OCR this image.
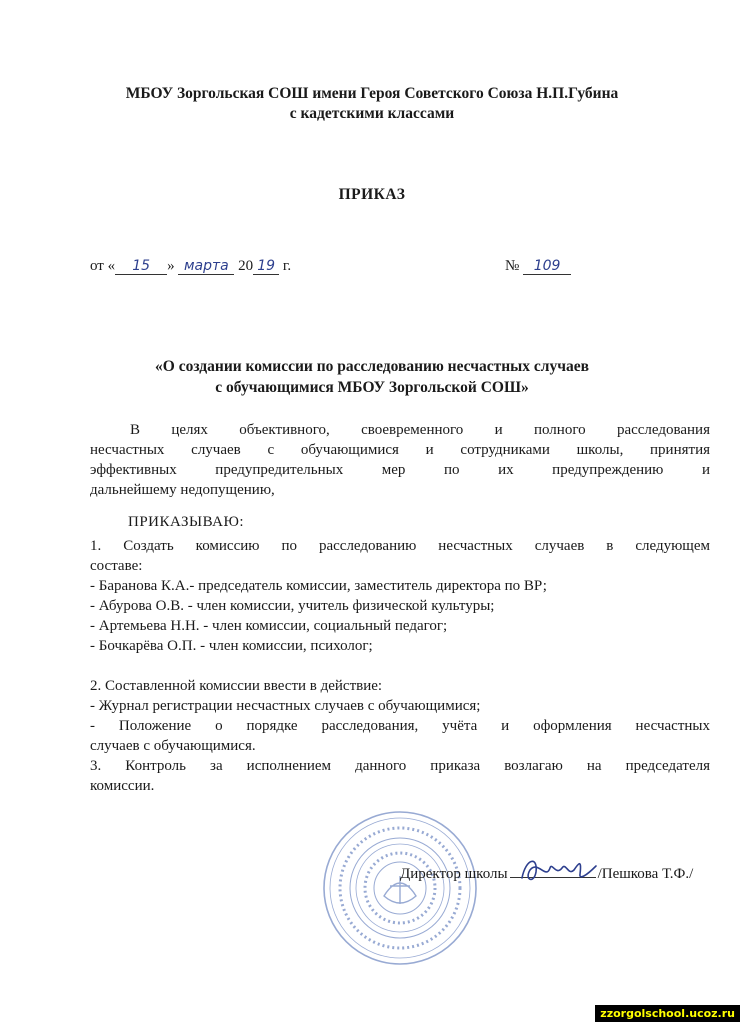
МБОУ Зоргольская СОШ имени Героя Советского Союза Н.П.Губина
с кадетскими классами
ПРИКАЗ
от « 15 » марта 20 19 г.	№ 109
«О создании комиссии по расследованию несчастных случаев
с обучающимися МБОУ Зоргольской СОШ»
В целях объективного, своевременного и полного расследования
несчастных случаев с обучающимися и сотрудниками школы, принятия
эффективных предупредительных мер по их предупреждению и
дальнейшему недопущению,
ПРИКАЗЫВАЮ:
1. Создать комиссию по расследованию несчастных случаев в следующем
составе:
- Баранова К.А.- председатель комиссии, заместитель директора по ВР;
- Абурова О.В. - член комиссии, учитель физической культуры;
- Артемьева Н.Н. - член комиссии, социальный педагог;
- Бочкарёва О.П. - член комиссии, психолог;
2. Составленной комиссии ввести в действие:
- Журнал регистрации несчастных случаев с обучающимися;
- Положение о порядке расследования, учёта и оформления несчастных
случаев с обучающимися.
3. Контроль за исполнением данного приказа возлагаю на председателя
комиссии.
Директор школы	/Пешкова Т.Ф./
zzorgolschool.ucoz.ru
